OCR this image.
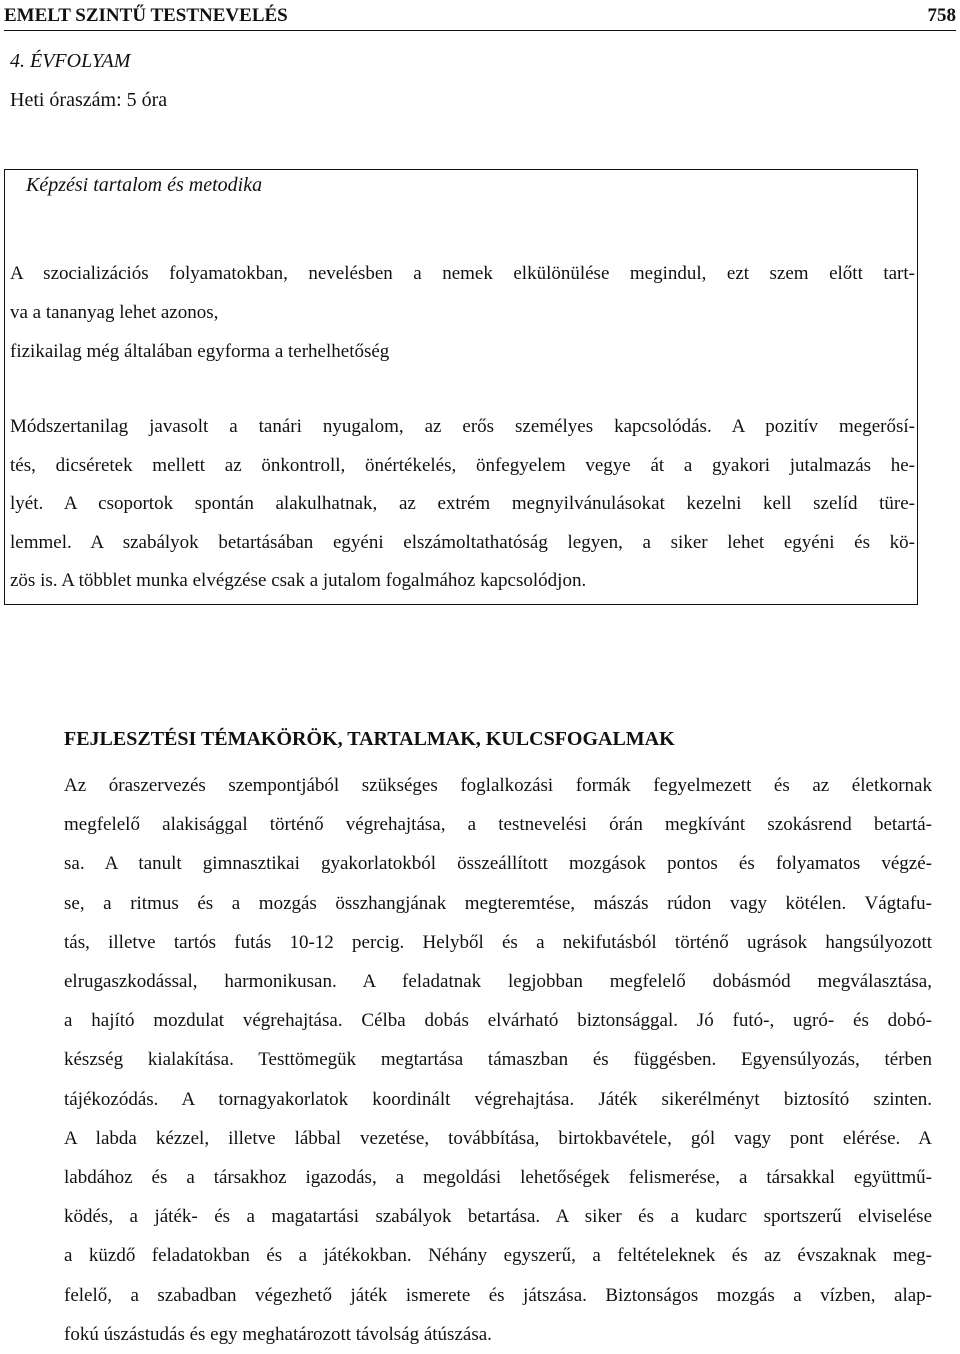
EMELT SZINTŰ TESTNEVELÉS	758
4. ÉVFOLYAM
Heti óraszám: 5 óra
Képzési tartalom és metodika
A szocializációs folyamatokban, nevelésben a nemek elkülönülése megindul, ezt szem előtt tart-
va a tananyag lehet azonos,
fizikailag még általában egyforma a terhelhetőség
Módszertanilag javasolt a tanári nyugalom, az erős személyes kapcsolódás. A pozitív megerősí-
tés, dicséretek mellett az önkontroll, önértékelés, önfegyelem vegye át a gyakori jutalmazás he-
lyét. A csoportok spontán alakulhatnak, az extrém megnyilvánulásokat kezelni kell szelíd türe-
lemmel. A szabályok betartásában egyéni elszámoltathatóság legyen, a siker lehet egyéni és kö-
zös is. A többlet munka elvégzése csak a jutalom fogalmához kapcsolódjon.
FEJLESZTÉSI TÉMAKÖRÖK, TARTALMAK, KULCSFOGALMAK
Az óraszervezés szempontjából szükséges foglalkozási formák fegyelmezett és az életkornak
megfelelő alakisággal történő végrehajtása, a testnevelési órán megkívánt szokásrend betartá-
sa. A tanult gimnasztikai gyakorlatokból összeállított mozgások pontos és folyamatos végzé-
se, a ritmus és a mozgás összhangjának megteremtése, mászás rúdon vagy kötélen. Vágtafu-
tás, illetve tartós futás 10-12 percig. Helyből és a nekifutásból történő ugrások hangsúlyozott
elrugaszkodással, harmonikusan. A feladatnak legjobban megfelelő dobásmód megválasztása,
a hajító mozdulat végrehajtása. Célba dobás elvárható biztonsággal. Jó futó-, ugró- és dobó-
készség kialakítása. Testtömegük megtartása támaszban és függésben. Egyensúlyozás, térben
tájékozódás. A tornagyakorlatok koordinált végrehajtása. Játék sikerélményt biztosító szinten.
A labda kézzel, illetve lábbal vezetése, továbbítása, birtokbavétele, gól vagy pont elérése. A
labdához és a társakhoz igazodás, a megoldási lehetőségek felismerése, a társakkal együttmű-
ködés, a játék- és a magatartási szabályok betartása. A siker és a kudarc sportszerű elviselése
a küzdő feladatokban és a játékokban. Néhány egyszerű, a feltételeknek és az évszaknak meg-
felelő, a szabadban végezhető játék ismerete és játszása. Biztonságos mozgás a vízben, alap-
fokú úszástudás és egy meghatározott távolság átúszása.
